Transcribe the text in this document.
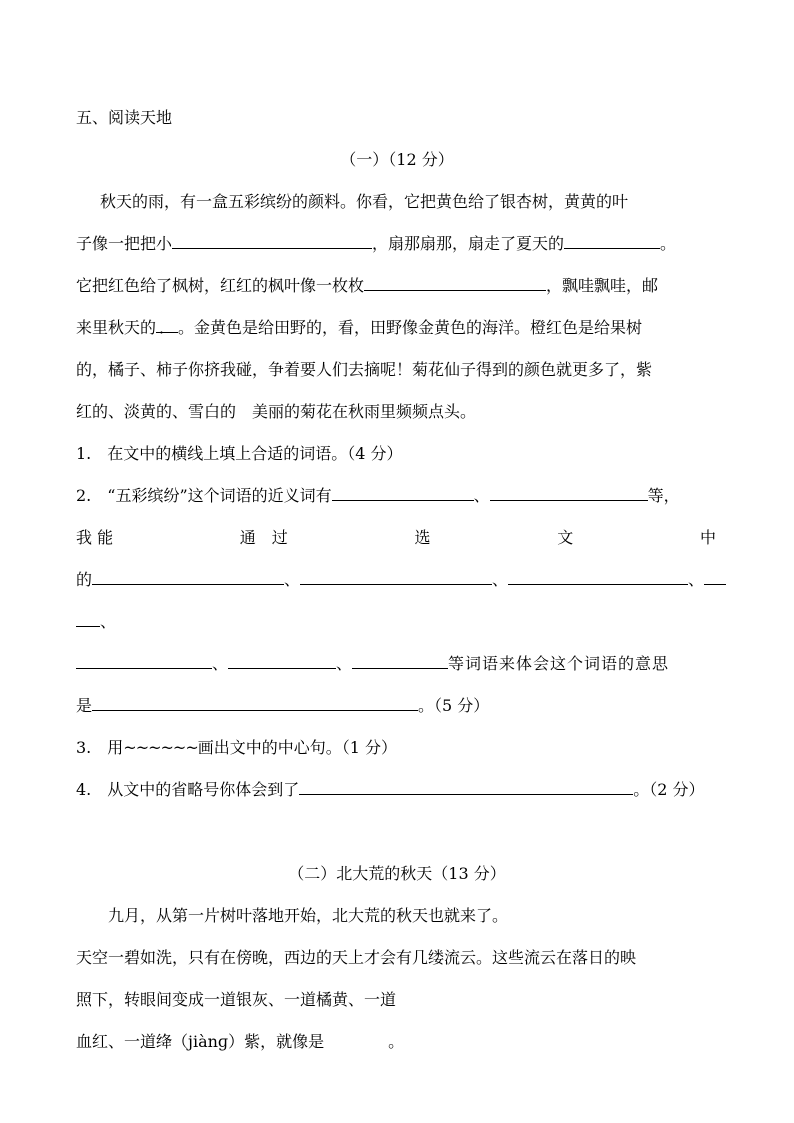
五、阅读天地
（一）（12 分）
秋天的雨，有一盒五彩缤纷的颜料。你看，它把黄色给了银杏树，黄黄的叶
子像一把把小	，扇那扇那，扇走了夏天的	。
它把红色给了枫树，红红的枫叶像一枚枚	，飘哇飘哇，邮
来里秋天的 ． 。金黄色是给田野的，看，田野像金黄色的海洋。橙红色是给果树
的，橘子、柿子你挤我碰，争着要人们去摘呢！菊花仙子得到的颜色就更多了，紫
红的、淡黄的、雪白的　美丽的菊花在秋雨里频频点头。
1.　在文中的横线上填上合适的词语。（4 分）
2.　“五彩缤纷”这个词语的近义词有	、	等，
我 能	通　过	选	文	中
的	、	、	、
、
、	、	等词语来体会这个词语的意思
是	。（5 分）
3.　用~~~~~~画出文中的中心句。（1 分）
4.　从文中的省略号你体会到了	。（2 分）
（二）北大荒的秋天（13 分）
九月，从第一片树叶落地开始，北大荒的秋天也就来了。
天空一碧如洗，只有在傍晚，西边的天上才会有几缕流云。这些流云在落日的映
照下，转眼间变成一道银灰、一道橘黄、一道
血红、一道绛（jiànɡ）紫，就像是	。
